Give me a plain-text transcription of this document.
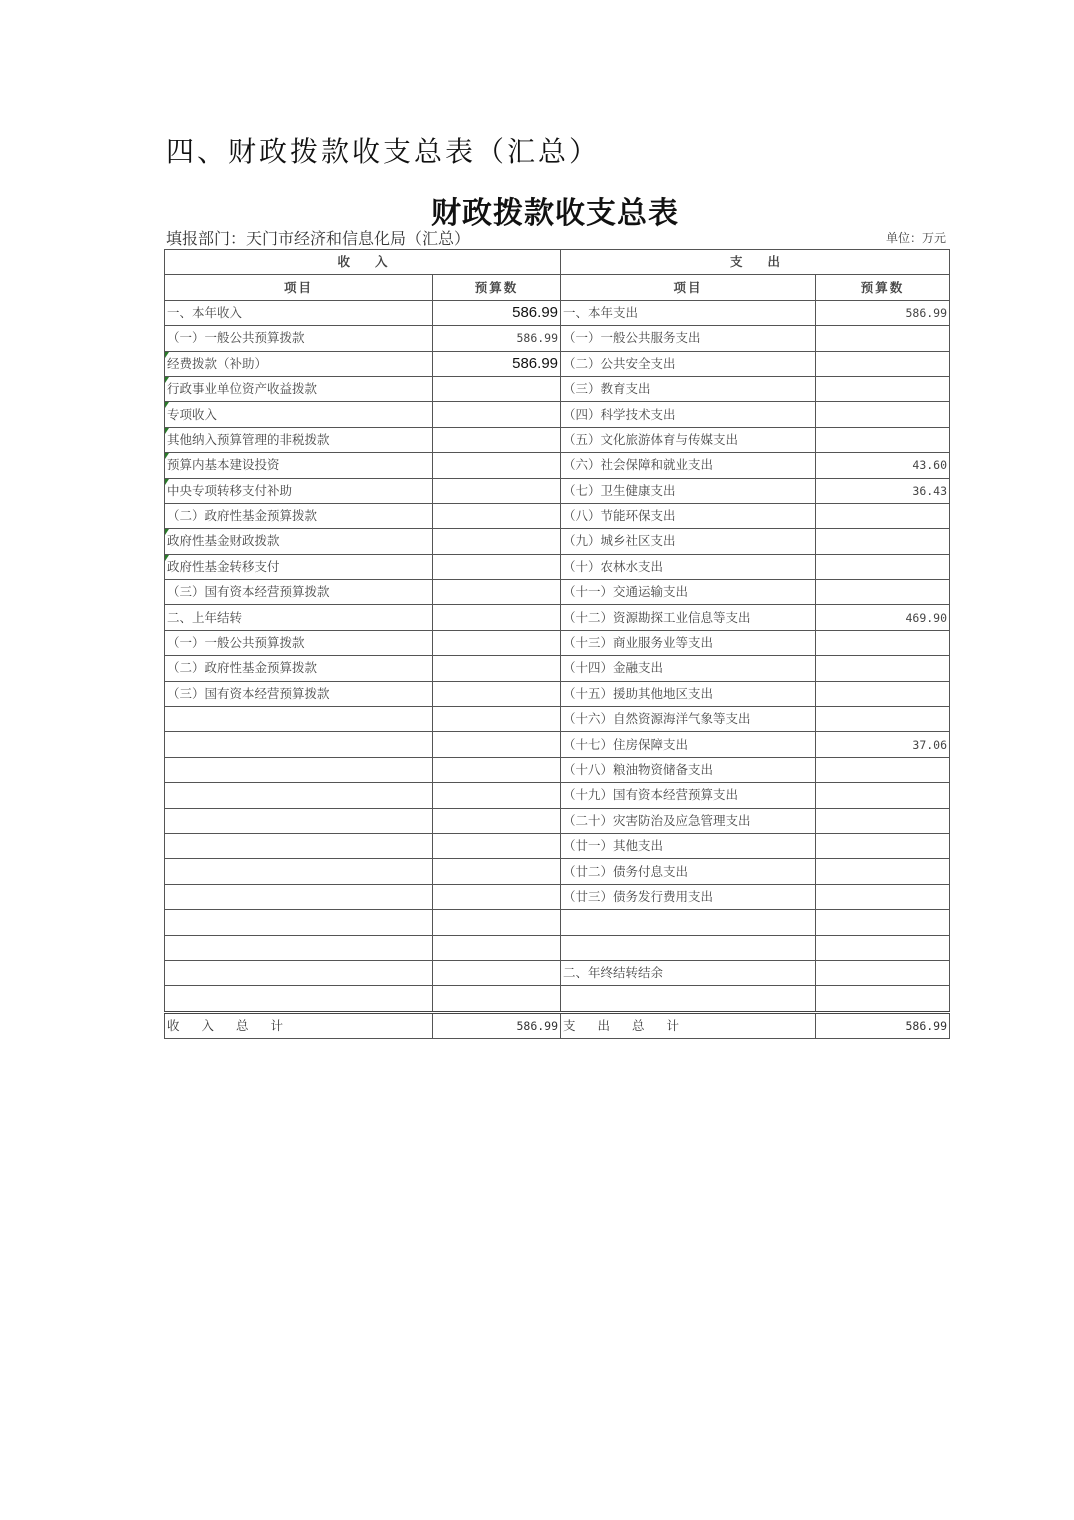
四、财政拨款收支总表（汇总）
财政拨款收支总表
填报部门：天门市经济和信息化局（汇总）	单位：万元
收　　入		支　　出	
项目	预算数	项目	预算数
一、本年收入	586.99	一、本年支出	586.99
（一）一般公共预算拨款	586.99	（一）一般公共服务支出	

经费拨款（补助）	586.99	（二）公共安全支出	

行政事业单位资产收益拨款		（三）教育支出	

专项收入		（四）科学技术支出	

其他纳入预算管理的非税拨款		（五）文化旅游体育与传媒支出	

预算内基本建设投资		（六）社会保障和就业支出	43.60

中央专项转移支付补助		（七）卫生健康支出	36.43
（二）政府性基金预算拨款		（八）节能环保支出	

政府性基金财政拨款		（九）城乡社区支出	

政府性基金转移支付		（十）农林水支出	
（三）国有资本经营预算拨款		（十一）交通运输支出	
二、上年结转		（十二）资源勘探工业信息等支出	469.90
（一）一般公共预算拨款		（十三）商业服务业等支出	
（二）政府性基金预算拨款		（十四）金融支出	
（三）国有资本经营预算拨款		（十五）援助其他地区支出	
		（十六）自然资源海洋气象等支出	
		（十七）住房保障支出	37.06
		（十八）粮油物资储备支出	
		（十九）国有资本经营预算支出	
		（二十）灾害防治及应急管理支出	
		（廿一）其他支出	
		（廿二）债务付息支出	
		（廿三）债务发行费用支出	

		二、年终结转结余	

收入总计	586.99	支出总计	586.99
